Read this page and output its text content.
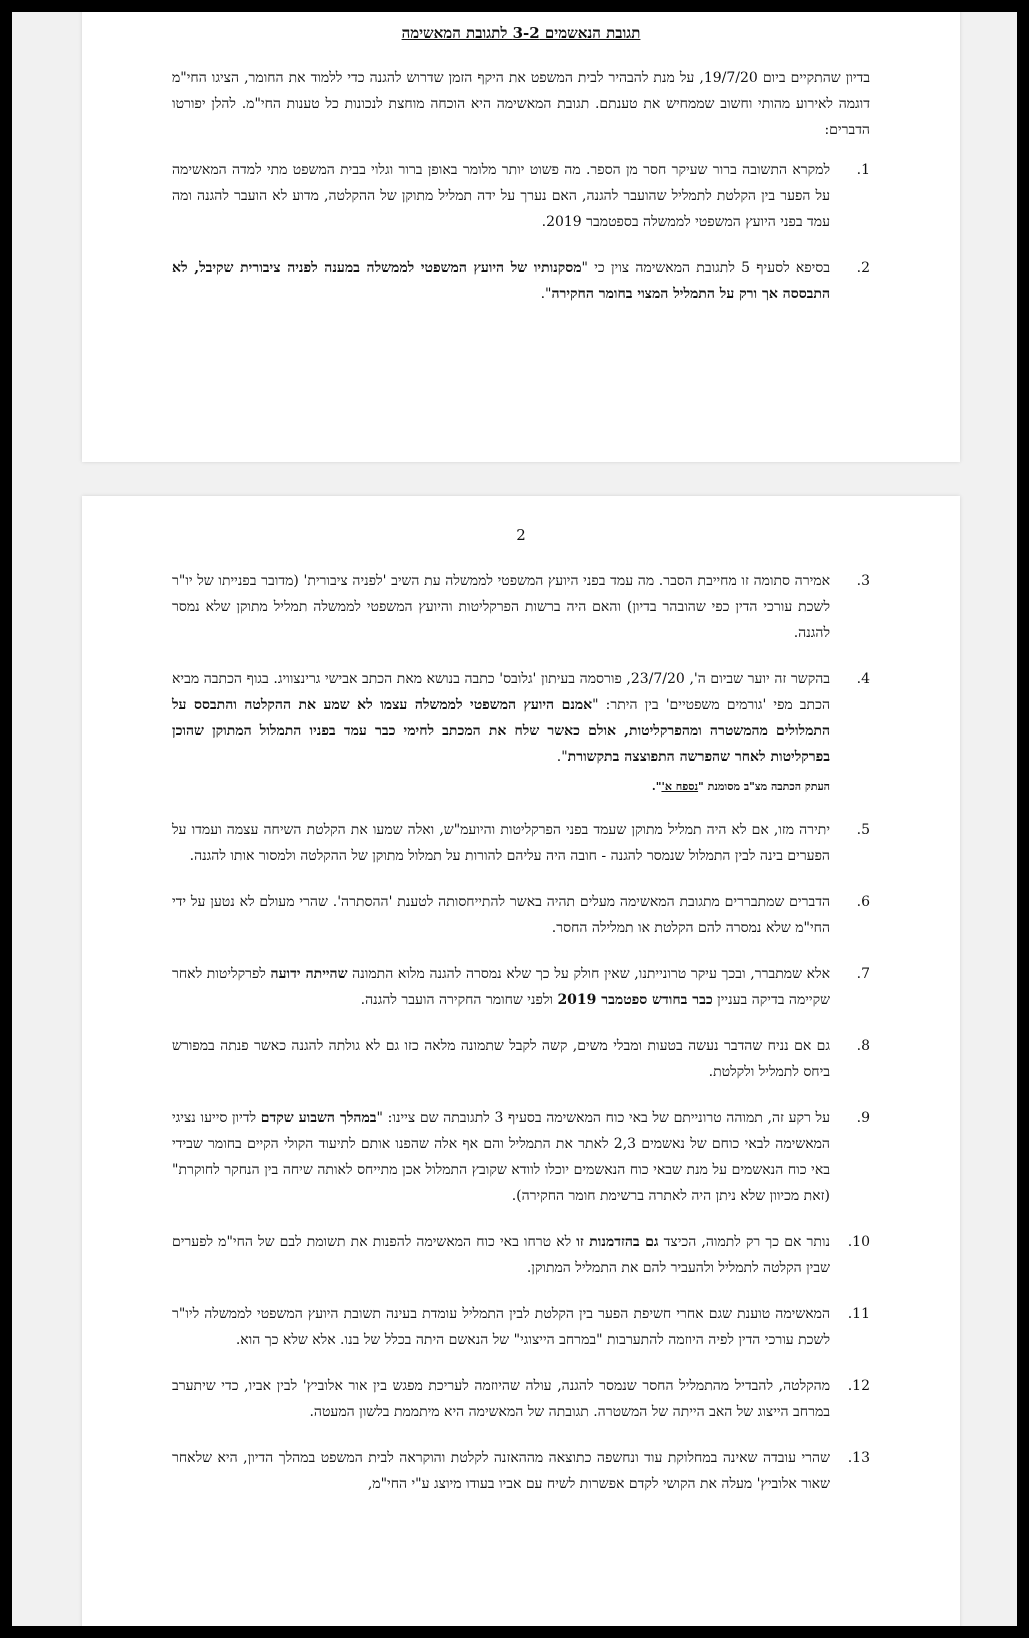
תגובת הנאשמים 3-2 לתגובת המאשימה
בדיון שהתקיים ביום 19/7/20, על מנת להבהיר לבית המשפט את היקף הזמן שדרוש להגנה כדי ללמוד את החומר, הציגו החי"מ דוגמה לאירוע מהותי וחשוב שממחיש את טענתם. תגובת המאשימה היא הוכחה מוחצת לנכונות כל טענות החי"מ. להלן יפורטו הדברים:
1.
למקרא התשובה ברור שעיקר חסר מן הספר. מה פשוט יותר מלומר באופן ברור וגלוי בבית המשפט מתי למדה המאשימה על הפער בין הקלטת לתמליל שהועבר להגנה, האם נערך על ידה תמליל מתוקן של ההקלטה, מדוע לא הועבר להגנה ומה עמד בפני היועץ המשפטי לממשלה בספטמבר 2019.
2.
בסיפא לסעיף 5 לתגובת המאשימה צוין כי "מסקנותיו של היועץ המשפטי לממשלה במענה לפניה ציבורית שקיבל, לא התבססה אך ורק על התמליל המצוי בחומר החקירה".
2
3.
אמירה סתומה זו מחייבת הסבר. מה עמד בפני היועץ המשפטי לממשלה עת השיב 'לפניה ציבורית' (מדובר בפנייתו של יו"ר לשכת עורכי הדין כפי שהובהר בדיון) והאם היה ברשות הפרקליטות והיועץ המשפטי לממשלה תמליל מתוקן שלא נמסר להגנה.
4.
בהקשר זה יוער שביום ה', 23/7/20, פורסמה בעיתון 'גלובס' כתבה בנושא מאת הכתב אבישי גרינצוויג. בגוף הכתבה מביא הכתב מפי 'גורמים משפטיים' בין היתר: "אמנם היועץ המשפטי לממשלה עצמו לא שמע את ההקלטה והתבסס על התמלולים מהמשטרה ומהפרקליטות, אולם כאשר שלח את המכתב לחימי כבר עמד בפניו התמלול המתוקן שהוכן בפרקליטות לאחר שהפרשה התפוצצה בתקשורת".
העתק הכתבה מצ"ב מסומנת "נספח א'".
5.
יתירה מזו, אם לא היה תמליל מתוקן שעמד בפני הפרקליטות והיועמ"ש, ואלה שמעו את הקלטת השיחה עצמה ועמדו על הפערים בינה לבין התמלול שנמסר להגנה - חובה היה עליהם להורות על תמלול מתוקן של ההקלטה ולמסור אותו להגנה.
6.
הדברים שמתבררים מתגובת המאשימה מעלים תהיה באשר להתייחסותה לטענת 'ההסתרה'. שהרי מעולם לא נטען על ידי החי"מ שלא נמסרה להם הקלטת או תמלילה החסר.
7.
אלא שמתברר, ובכך עיקר טרונייתנו, שאין חולק על כך שלא נמסרה להגנה מלוא התמונה שהייתה ידועה לפרקליטות לאחר שקיימה בדיקה בעניין כבר בחודש ספטמבר 2019 ולפני שחומר החקירה הועבר להגנה.
8.
גם אם נניח שהדבר נעשה בטעות ומבלי משים, קשה לקבל שתמונה מלאה כזו גם לא גולתה להגנה כאשר פנתה במפורש ביחס לתמליל ולקלטת.
9.
על רקע זה, תמוהה טרונייתם של באי כוח המאשימה בסעיף 3 לתגובתה שם ציינו: "במהלך השבוע שקדם לדיון סייעו נציגי המאשימה לבאי כוחם של נאשמים 2,3 לאתר את התמליל והם אף אלה שהפנו אותם לתיעוד הקולי הקיים בחומר שבידי באי כוח הנאשמים על מנת שבאי כוח הנאשמים יוכלו לוודא שקובץ התמלול אכן מתייחס לאותה שיחה בין הנחקר לחוקרת" (זאת מכיוון שלא ניתן היה לאתרה ברשימת חומר החקירה).
10.
נותר אם כך רק לתמוה, הכיצד גם בהזדמנות זו לא טרחו באי כוח המאשימה להפנות את תשומת לבם של החי"מ לפערים שבין הקלטה לתמליל ולהעביר להם את התמליל המתוקן.
11.
המאשימה טוענת שגם אחרי חשיפת הפער בין הקלטת לבין התמליל עומדת בעינה תשובת היועץ המשפטי לממשלה ליו"ר לשכת עורכי הדין לפיה היוזמה להתערבות "במרחב הייצוגי" של הנאשם היתה בכלל של בנו. אלא שלא כך הוא.
12.
מהקלטה, להבדיל מהתמליל החסר שנמסר להגנה, עולה שהיוזמה לעריכת מפגש בין אור אלוביץ' לבין אביו, כדי שיתערב במרחב הייצוג של האב הייתה של המשטרה. תגובתה של המאשימה היא מיתממת בלשון המעטה.
13.
שהרי עובדה שאינה במחלוקת עוד ונחשפה כתוצאה מההאזנה לקלטת והוקראה לבית המשפט במהלך הדיון, היא שלאחר שאור אלוביץ' מעלה את הקושי לקדם אפשרות לשיח עם אביו בעודו מיוצג ע"י החי"מ,
